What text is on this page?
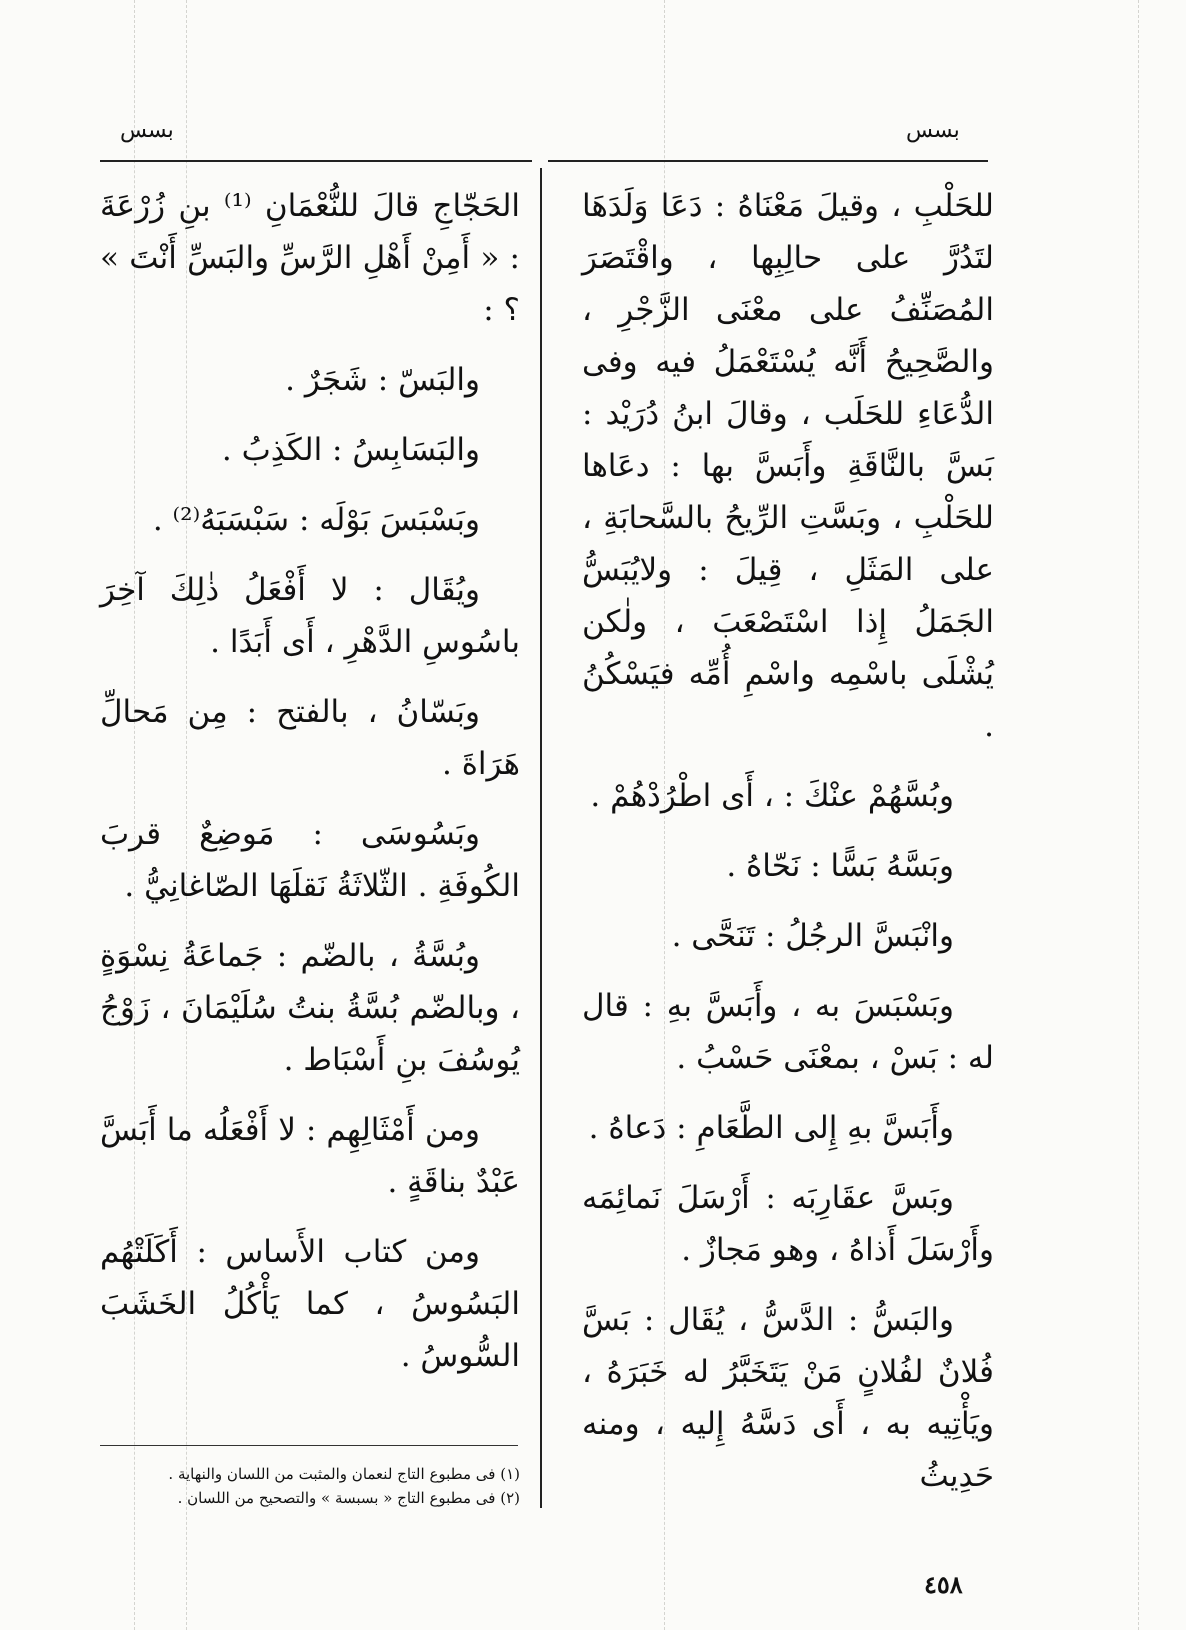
بسس
بسس

للحَلْبِ ، وقيلَ مَعْنَاهُ : دَعَا وَلَدَهَا لتَدُرَّ على حالِبِها ، واقْتَصَرَ المُصَنِّفُ على معْنَى الزَّجْرِ ، والصَّحِيحُ أَنَّه يُسْتَعْمَلُ فيه وفى الدُّعَاءِ للحَلَب ، وقالَ ابنُ دُرَيْد : بَسَّ بالنَّاقَةِ وأَبَسَّ بها : دعَاها للحَلْبِ ، وبَسَّتِ الرِّيحُ بالسَّحابَةِ ، على المَثَلِ ، قِيلَ : ولايُبَسُّ الجَمَلُ إِذا اسْتَصْعَبَ ، ولٰكن يُشْلَى باسْمِه واسْمِ أُمِّه فيَسْكُنُ .

وبُسَّهُمْ عنْكَ : ، أَى اطْرُدْهُمْ .

وبَسَّهُ بَسًّا : نَحّاهُ .

وانْبَسَّ الرجُلُ : تَنَحَّى .

وبَسْبَسَ به ، وأَبَسَّ بهِ : قال له : بَسْ ، بمعْنَى حَسْبُ .

وأَبَسَّ بهِ إِلى الطَّعَامِ : دَعاهُ .

وبَسَّ عقَارِبَه : أَرْسَلَ نَمائِمَه وأَرْسَلَ أَذاهُ ، وهو مَجازٌ .

والبَسُّ : الدَّسُّ ، يُقَال : بَسَّ فُلانٌ لفُلانٍ مَنْ يَتَخَبَّرُ له خَبَرَهُ ، ويَأْتِيه به ، أَى دَسَّهُ إِليه ، ومنه حَدِيثُ

الحَجّاجِ قالَ للنُّعْمَانِ ⁽¹⁾ بنِ زُرْعَةَ : « أَمِنْ أَهْلِ الرَّسِّ والبَسِّ أَنْتَ » ؟ :

والبَسّ : شَجَرٌ .

والبَسَابِسُ : الكَذِبُ .

وبَسْبَسَ بَوْلَه : سَبْسَبَهُ⁽²⁾ .

ويُقَال : لا أَفْعَلُ ذٰلِكَ آخِرَ باسُوسِ الدَّهْرِ ، أَى أَبَدًا .

وبَسّانُ ، بالفتح : مِن مَحالِّ هَرَاةَ .

وبَسُوسَى : مَوضِعٌ قربَ الكُوفَةِ . الثّلاثَةُ نَقلَهَا الصّاغانِيُّ .

وبُسَّةُ ، بالضّم : جَماعَةُ نِسْوَةٍ ، وبالضّم بُسَّةُ بنتُ سُلَيْمَانَ ، زَوْجُ يُوسُفَ بنِ أَسْبَاط .

ومن أَمْثَالِهِم : لا أَفْعَلُه ما أَبَسَّ عَبْدٌ بناقَةٍ .

ومن كتاب الأَساس : أَكَلَتْهُم البَسُوسُ ، كما يَأْكُلُ الخَشَبَ السُّوسُ .

(١) فى مطبوع التاج لنعمان والمثبت من اللسان والنهاية .
(٢) فى مطبوع التاج « بسبسة » والتصحيح من اللسان .
٤٥٨
